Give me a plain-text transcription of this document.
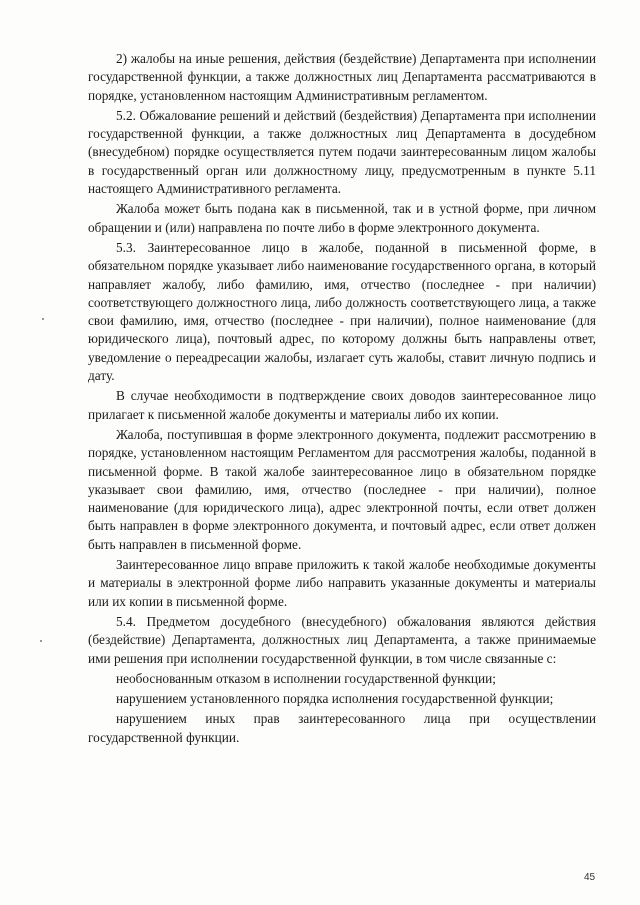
2) жалобы на иные решения, действия (бездействие) Департамента при исполнении государственной функции, а также должностных лиц Департамента рассматриваются в порядке, установленном настоящим Административным регламентом.

5.2. Обжалование решений и действий (бездействия) Департамента при исполнении государственной функции, а также должностных лиц Департамента в досудебном (внесудебном) порядке осуществляется путем подачи заинтересованным лицом жалобы в государственный орган или должностному лицу, предусмотренным в пункте 5.11 настоящего Административного регламента.

Жалоба может быть подана как в письменной, так и в устной форме, при личном обращении и (или) направлена по почте либо в форме электронного документа.

5.3. Заинтересованное лицо в жалобе, поданной в письменной форме, в обязательном порядке указывает либо наименование государственного органа, в который направляет жалобу, либо фамилию, имя, отчество (последнее - при наличии) соответствующего должностного лица, либо должность соответствующего лица, а также свои фамилию, имя, отчество (последнее - при наличии), полное наименование (для юридического лица), почтовый адрес, по которому должны быть направлены ответ, уведомление о переадресации жалобы, излагает суть жалобы, ставит личную подпись и дату.

В случае необходимости в подтверждение своих доводов заинтересованное лицо прилагает к письменной жалобе документы и материалы либо их копии.

Жалоба, поступившая в форме электронного документа, подлежит рассмотрению в порядке, установленном настоящим Регламентом для рассмотрения жалобы, поданной в письменной форме. В такой жалобе заинтересованное лицо в обязательном порядке указывает свои фамилию, имя, отчество (последнее - при наличии), полное наименование (для юридического лица), адрес электронной почты, если ответ должен быть направлен в форме электронного документа, и почтовый адрес, если ответ должен быть направлен в письменной форме.

Заинтересованное лицо вправе приложить к такой жалобе необходимые документы и материалы в электронной форме либо направить указанные документы и материалы или их копии в письменной форме.

5.4. Предметом досудебного (внесудебного) обжалования являются действия (бездействие) Департамента, должностных лиц Департамента, а также принимаемые ими решения при исполнении государственной функции, в том числе связанные с:

необоснованным отказом в исполнении государственной функции;

нарушением установленного порядка исполнения государственной функции;

нарушением иных прав заинтересованного лица при осуществлении государственной функции.

45
